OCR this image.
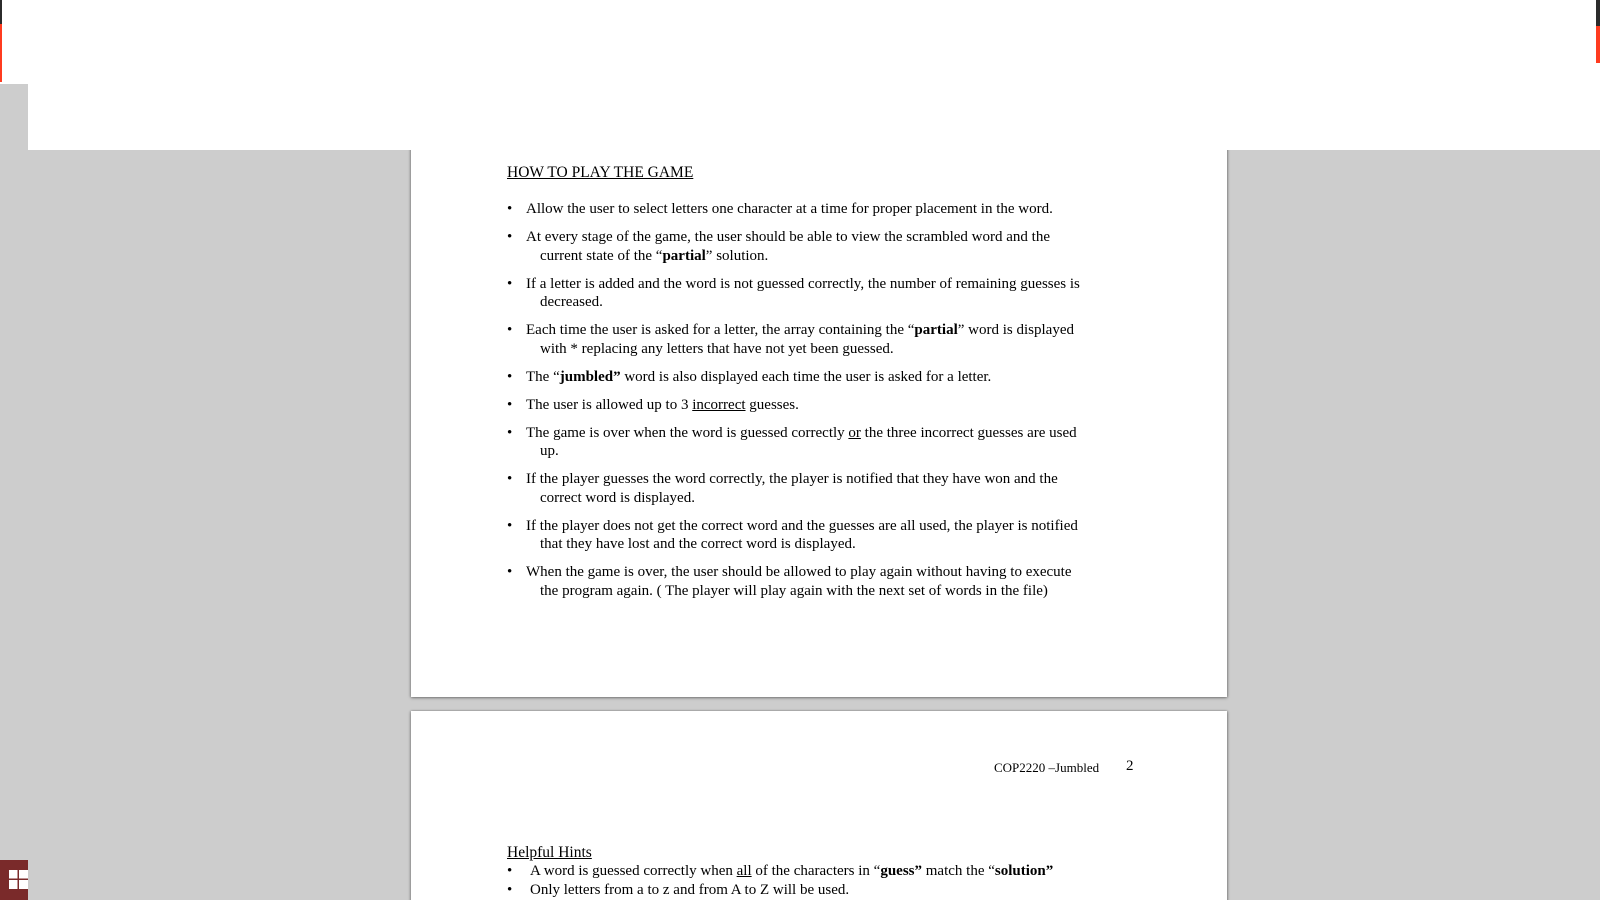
HOW TO PLAY THE GAME

• Allow the user to select letters one character at a time for proper placement in the word.
• At every stage of the game, the user should be able to view the scrambled word and the
current state of the “partial” solution.
• If a letter is added and the word is not guessed correctly, the number of remaining guesses is
decreased.
• Each time the user is asked for a letter, the array containing the “partial” word is displayed
with * replacing any letters that have not yet been guessed.
• The “jumbled” word is also displayed each time the user is asked for a letter.
• The user is allowed up to 3 incorrect guesses.
• The game is over when the word is guessed correctly or the three incorrect guesses are used
up.
• If the player guesses the word correctly, the player is notified that they have won and the
correct word is displayed.
• If the player does not get the correct word and the guesses are all used, the player is notified
that they have lost and the correct word is displayed.
• When the game is over, the user should be allowed to play again without having to execute
the program again. ( The player will play again with the next set of words in the file)
COP2220 –Jumbled 2

Helpful Hints

• A word is guessed correctly when all of the characters in “guess” match the “solution”
• Only letters from a to z and from A to Z will be used.
